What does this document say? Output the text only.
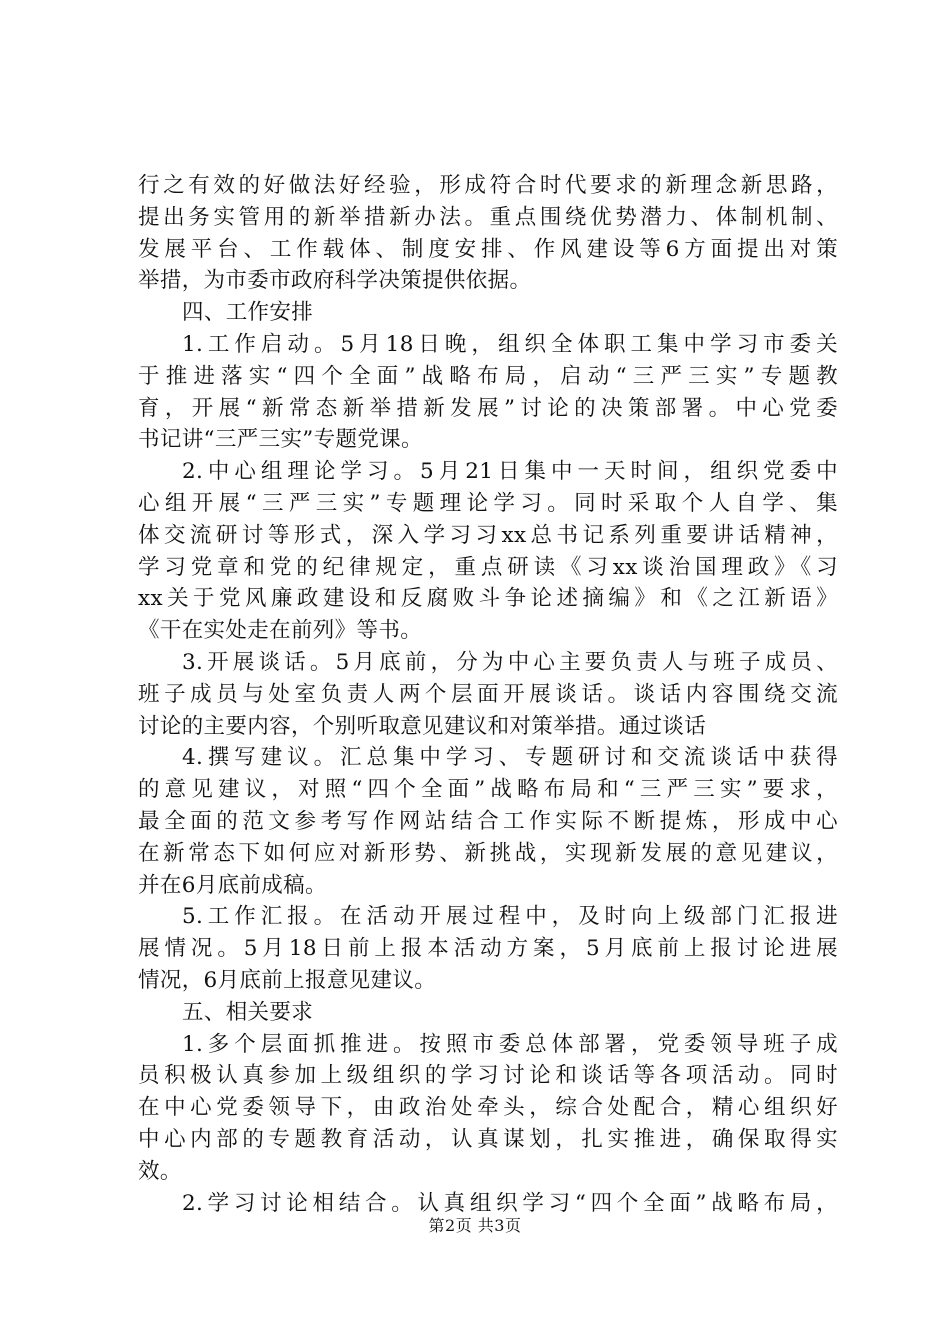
行之有效的好做法好经验，形成符合时代要求的新理念新思路，
提出务实管用的新举措新办法。重点围绕优势潜力、体制机制、
发展平台、工作载体、制度安排、作风建设等6方面提出对策
举措，为市委市政府科学决策提供依据。
四、工作安排
1.工作启动。5月18日晚，组织全体职工集中学习市委关
于推进落实“四个全面”战略布局，启动“三严三实”专题教
育，开展“新常态新举措新发展”讨论的决策部署。中心党委
书记讲“三严三实”专题党课。
2.中心组理论学习。5月21日集中一天时间，组织党委中
心组开展“三严三实”专题理论学习。同时采取个人自学、集
体交流研讨等形式，深入学习习xx总书记系列重要讲话精神，
学习党章和党的纪律规定，重点研读《习xx谈治国理政》《习
xx关于党风廉政建设和反腐败斗争论述摘编》和《之江新语》
《干在实处走在前列》等书。
3.开展谈话。5月底前，分为中心主要负责人与班子成员、
班子成员与处室负责人两个层面开展谈话。谈话内容围绕交流
讨论的主要内容，个别听取意见建议和对策举措。通过谈话
4.撰写建议。汇总集中学习、专题研讨和交流谈话中获得
的意见建议，对照“四个全面”战略布局和“三严三实”要求，
最全面的范文参考写作网站结合工作实际不断提炼，形成中心
在新常态下如何应对新形势、新挑战，实现新发展的意见建议，
并在6月底前成稿。
5.工作汇报。在活动开展过程中，及时向上级部门汇报进
展情况。5月18日前上报本活动方案，5月底前上报讨论进展
情况，6月底前上报意见建议。
五、相关要求
1.多个层面抓推进。按照市委总体部署，党委领导班子成
员积极认真参加上级组织的学习讨论和谈话等各项活动。同时
在中心党委领导下，由政治处牵头，综合处配合，精心组织好
中心内部的专题教育活动，认真谋划，扎实推进，确保取得实
效。
2.学习讨论相结合。认真组织学习“四个全面”战略布局，
第2页 共3页
